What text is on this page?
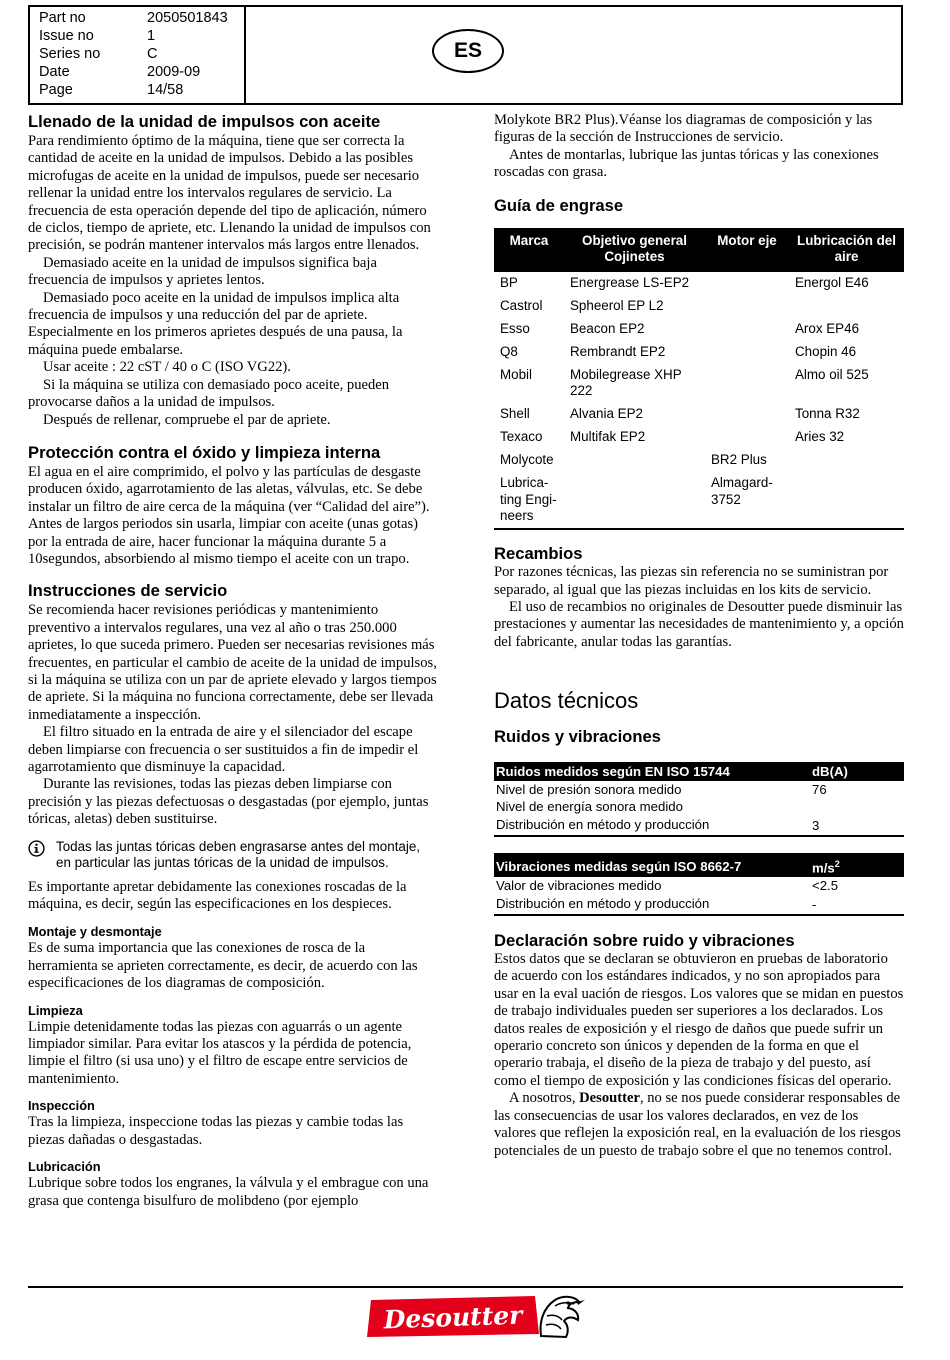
Part no	2050501843
Issue no	1
Series no	C
Date	2009-09
Page	14/58
ES
Llenado de la unidad de impulsos con aceite

Para rendimiento óptimo de la máquina, tiene que ser correcta la cantidad de aceite en la unidad de impulsos. Debido a las posibles microfugas de aceite en la unidad de impulsos, puede ser necesario rellenar la unidad entre los intervalos regulares de servicio. La frecuencia de esta operación depende del tipo de aplicación, número de ciclos, tiempo de apriete, etc. Llenando la unidad de impulsos con precisión, se podrán mantener intervalos más largos entre llenados.

Demasiado aceite en la unidad de impulsos significa baja frecuencia de impulsos y aprietes lentos.

Demasiado poco aceite en la unidad de impulsos implica alta frecuencia de impulsos y una reducción del par de apriete. Especialmente en los primeros aprietes después de una pausa, la máquina puede embalarse.

Usar aceite : 22 cST / 40 o C (ISO VG22).

Si la máquina se utiliza con demasiado poco aceite, pueden provocarse daños a la unidad de impulsos.

Después de rellenar, compruebe el par de apriete.

Protección contra el óxido y limpieza interna

El agua en el aire comprimido, el polvo y las partículas de desgaste producen óxido, agarrotamiento de las aletas, válvulas, etc. Se debe instalar un filtro de aire cerca de la máquina (ver “Calidad del aire”). Antes de largos periodos sin usarla, limpiar con aceite (unas gotas) por la entrada de aire, hacer funcionar la máquina durante 5 a 10segundos, absorbiendo al mismo tiempo el aceite con un trapo.

Instrucciones de servicio

Se recomienda hacer revisiones periódicas y mantenimiento preventivo a intervalos regulares, una vez al año o tras 250.000 aprietes, lo que suceda primero. Pueden ser necesarias revisiones más frecuentes, en particular el cambio de aceite de la unidad de impulsos, si la máquina se utiliza con un par de apriete elevado y largos tiempos de apriete. Si la máquina no funciona correctamente, debe ser llevada inmediatamente a inspección.

El filtro situado en la entrada de aire y el silenciador del escape deben limpiarse con frecuencia o ser sustituidos a fin de impedir el agarrotamiento que disminuye la capacidad.

Durante las revisiones, todas las piezas deben limpiarse con precisión y las piezas defectuosas o desgastadas (por ejemplo, juntas tóricas, aletas) deben sustituirse.

Todas las juntas tóricas deben engrasarse antes del montaje, en particular las juntas tóricas de la unidad de impulsos.

Es importante apretar debidamente las conexiones roscadas de la máquina, es decir, según las especificaciones en los despieces.

Montaje y desmontaje

Es de suma importancia que las conexiones de rosca de la herramienta se aprieten correctamente, es decir, de acuerdo con las especificaciones de los diagramas de composición.

Limpieza

Limpie detenidamente todas las piezas con aguarrás o un agente limpiador similar. Para evitar los atascos y la pérdida de potencia, limpie el filtro (si usa uno) y el filtro de escape entre servicios de mantenimiento.

Inspección

Tras la limpieza, inspeccione todas las piezas y cambie todas las piezas dañadas o desgastadas.

Lubricación

Lubrique sobre todos los engranes, la válvula y el embrague con una grasa que contenga bisulfuro de molibdeno (por ejemplo

Molykote BR2 Plus).Véanse los diagramas de composición y las figuras de la sección de Instrucciones de servicio.

Antes de montarlas, lubrique las juntas tóricas y las conexiones roscadas con grasa.

Guía de engrase
Marca	Objetivo general Cojinetes	Motor eje	Lubricación del aire
BP	Energrease LS-EP2		Energol E46
Castrol	Spheerol EP L2		
Esso	Beacon EP2		Arox EP46
Q8	Rembrandt EP2		Chopin 46
Mobil	Mobilegrease XHP 222		Almo oil 525
Shell	Alvania EP2		Tonna R32
Texaco	Multifak EP2		Aries 32
Molycote		BR2 Plus	
Lubrica-ting Engi-neers		Almagard-3752	
Recambios

Por razones técnicas, las piezas sin referencia no se suministran por separado, al igual que las piezas incluidas en los kits de servicio.

El uso de recambios no originales de Desoutter puede disminuir las prestaciones y aumentar las necesidades de mantenimiento y, a opción del fabricante, anular todas las garantías.

Datos técnicos
Ruidos y vibraciones
Ruidos medidos según EN ISO 15744	dB(A)
Nivel de presión sonora medido	76
Nivel de energía sonora medido	
Distribución en método y producción	3
Vibraciones medidas según ISO 8662-7	$m/s^2$
Valor de vibraciones medido	<2.5
Distribución en método y producción	-
Declaración sobre ruido y vibraciones

Estos datos que se declaran se obtuvieron en pruebas de laboratorio de acuerdo con los estándares indicados, y no son apropiados para usar en la eval uación de riesgos. Los valores que se midan en puestos de trabajo individuales pueden ser superiores a los declarados. Los datos reales de exposición y el riesgo de daños que puede sufrir un operario concreto son únicos y dependen de la forma en que el operario trabaja, el diseño de la pieza de trabajo y del puesto, así como el tiempo de exposición y las condiciones físicas del operario.

A nosotros, Desoutter, no se nos puede considerar responsables de las consecuencias de usar los valores declarados, en vez de los valores que reflejen la exposición real, en la evaluación de los riesgos potenciales de un puesto de trabajo sobre el que no tenemos control.

Desoutter
